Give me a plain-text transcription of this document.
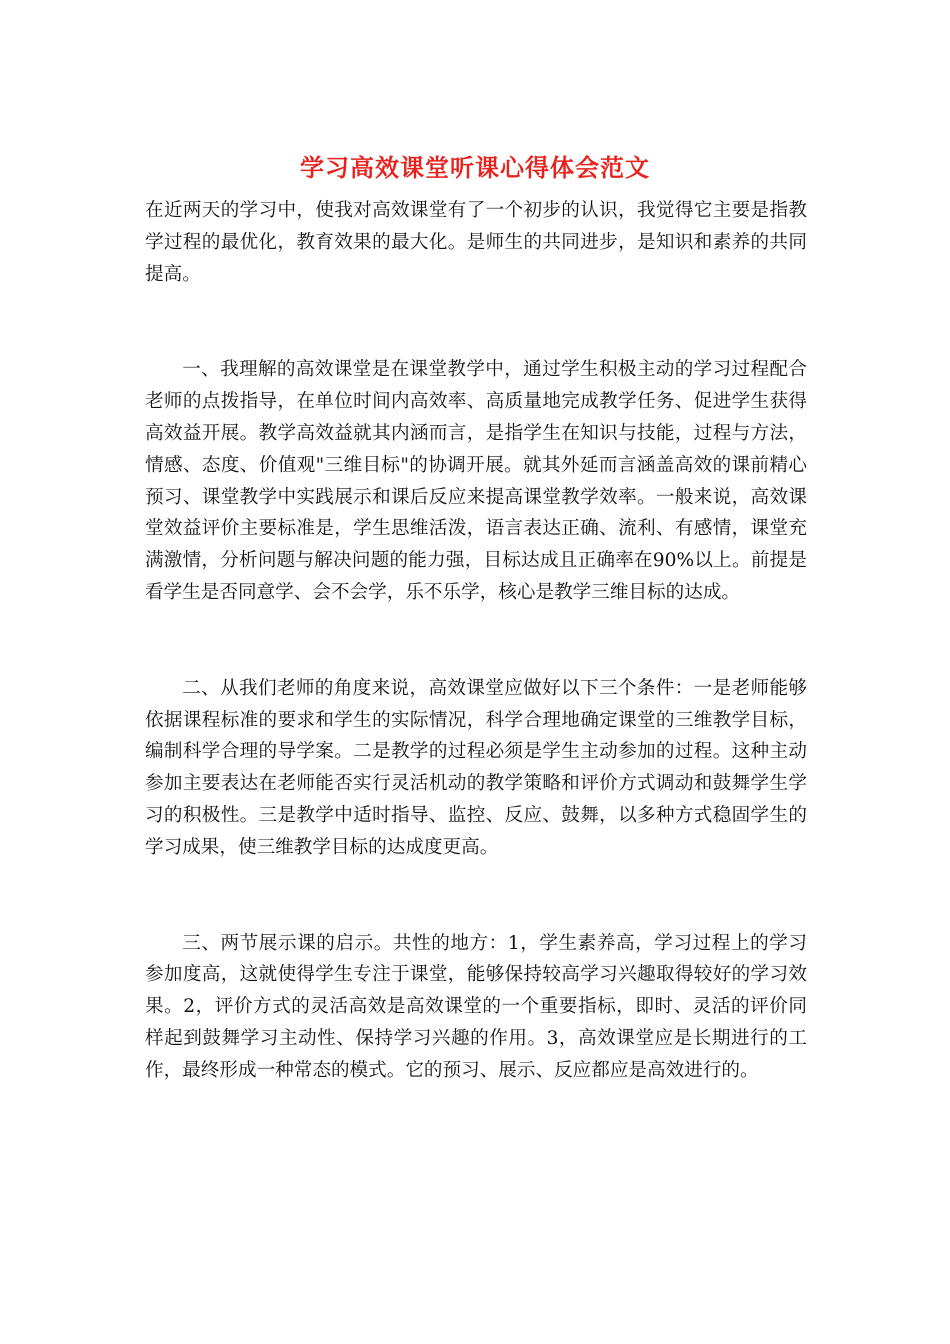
学习高效课堂听课心得体会范文

在近两天的学习中，使我对高效课堂有了一个初步的认识，我觉得它主要是指教学过程的最优化，教育效果的最大化。是师生的共同进步，是知识和素养的共同提高。

一、我理解的高效课堂是在课堂教学中，通过学生积极主动的学习过程配合老师的点拨指导，在单位时间内高效率、高质量地完成教学任务、促进学生获得高效益开展。教学高效益就其内涵而言，是指学生在知识与技能，过程与方法，情感、态度、价值观"三维目标"的协调开展。就其外延而言涵盖高效的课前精心预习、课堂教学中实践展示和课后反应来提高课堂教学效率。一般来说，高效课堂效益评价主要标准是，学生思维活泼，语言表达正确、流利、有感情，课堂充满激情，分析问题与解决问题的能力强，目标达成且正确率在90%以上。前提是看学生是否同意学、会不会学，乐不乐学，核心是教学三维目标的达成。

二、从我们老师的角度来说，高效课堂应做好以下三个条件：一是老师能够依据课程标准的要求和学生的实际情况，科学合理地确定课堂的三维教学目标，编制科学合理的导学案。二是教学的过程必须是学生主动参加的过程。这种主动参加主要表达在老师能否实行灵活机动的教学策略和评价方式调动和鼓舞学生学习的积极性。三是教学中适时指导、监控、反应、鼓舞，以多种方式稳固学生的学习成果，使三维教学目标的达成度更高。

三、两节展示课的启示。共性的地方：1，学生素养高，学习过程上的学习参加度高，这就使得学生专注于课堂，能够保持较高学习兴趣取得较好的学习效果。2，评价方式的灵活高效是高效课堂的一个重要指标，即时、灵活的评价同样起到鼓舞学习主动性、保持学习兴趣的作用。3，高效课堂应是长期进行的工作，最终形成一种常态的模式。它的预习、展示、反应都应是高效进行的。
